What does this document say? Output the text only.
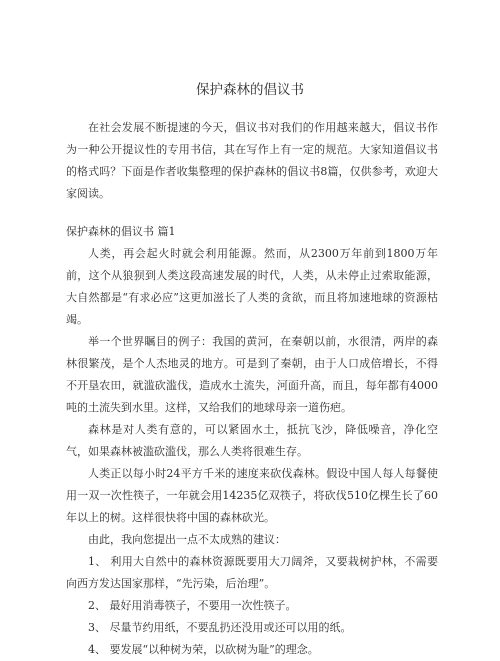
保护森林的倡议书

在社会发展不断提速的今天，倡议书对我们的作用越来越大，倡议书作为一种公开提议性的专用书信，其在写作上有一定的规范。大家知道倡议书的格式吗？下面是作者收集整理的保护森林的倡议书8篇，仅供参考，欢迎大家阅读。

保护森林的倡议书 篇1

人类，再会起火时就会利用能源。然而，从2300万年前到1800万年前，这个从狼狈到人类这段高速发展的时代，人类，从未停止过索取能源，大自然都是“有求必应”这更加滋长了人类的贪欲，而且将加速地球的资源枯竭。

举一个世界瞩目的例子：我国的黄河，在秦朝以前，水很清，两岸的森林很繁茂，是个人杰地灵的地方。可是到了秦朝，由于人口成倍增长，不得不开垦农田，就滥砍滥伐，造成水土流失，河面升高，而且，每年都有4000吨的土流失到水里。这样，又给我们的地球母亲一道伤疤。

森林是对人类有意的，可以紧固水土，抵抗飞沙，降低噪音，净化空气，如果森林被滥砍滥伐，那么人类将很难生存。

人类正以每小时24平方千米的速度来砍伐森林。假设中国人每人每餐使用一双一次性筷子，一年就会用14235亿双筷子，将砍伐510亿棵生长了60年以上的树。这样很快将中国的森林砍光。

由此，我向您提出一点不太成熟的建议：

1、 利用大自然中的森林资源既要用大刀阔斧，又要栽树护林，不需要向西方发达国家那样，“先污染，后治理”。

2、 最好用消毒筷子，不要用一次性筷子。

3、 尽量节约用纸，不要乱扔还没用或还可以用的纸。

4、 要发展“以种树为荣，以砍树为耻”的理念。
